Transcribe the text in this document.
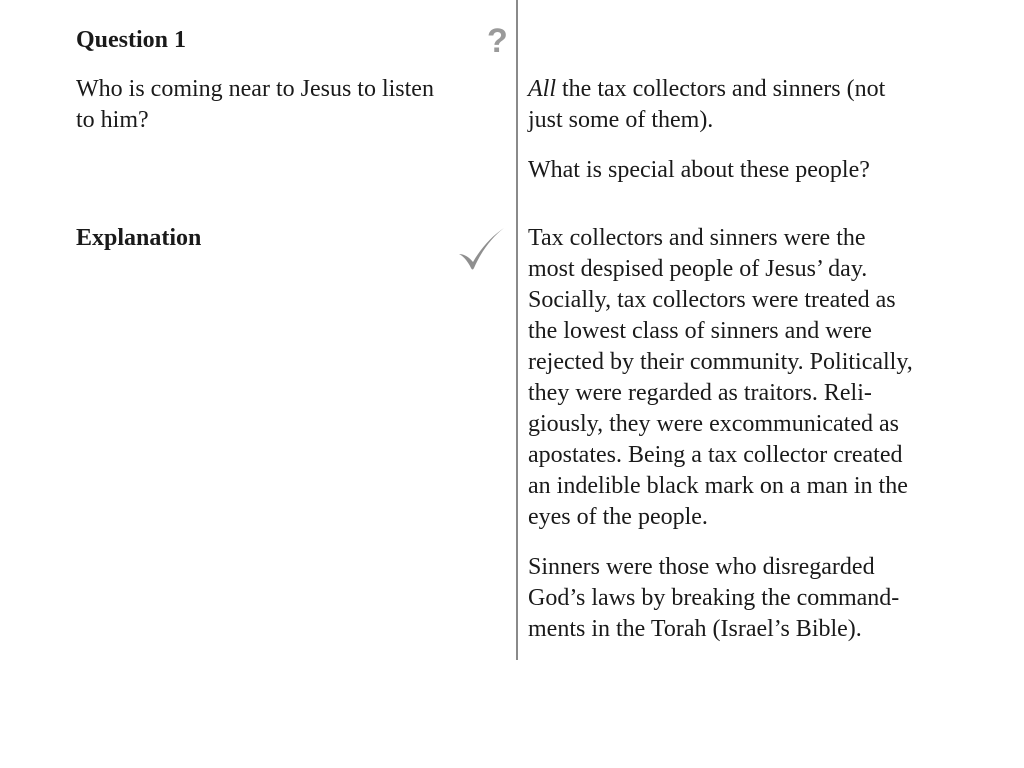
Question 1	?
Who is coming near to Jesus to listen
to him?
All the tax collectors and sinners (not
just some of them).
What is special about these people?
Explanation	Tax collectors and sinners were the
most despised people of Jesus’ day.
Socially, tax collectors were treated as
the lowest class of sinners and were
rejected by their community. Politically,
they were regarded as traitors. Reli-
giously, they were excommunicated as
apostates. Being a tax collector created
an indelible black mark on a man in the
eyes of the people.
Sinners were those who disregarded
God’s laws by breaking the command-
ments in the Torah (Israel’s Bible).
